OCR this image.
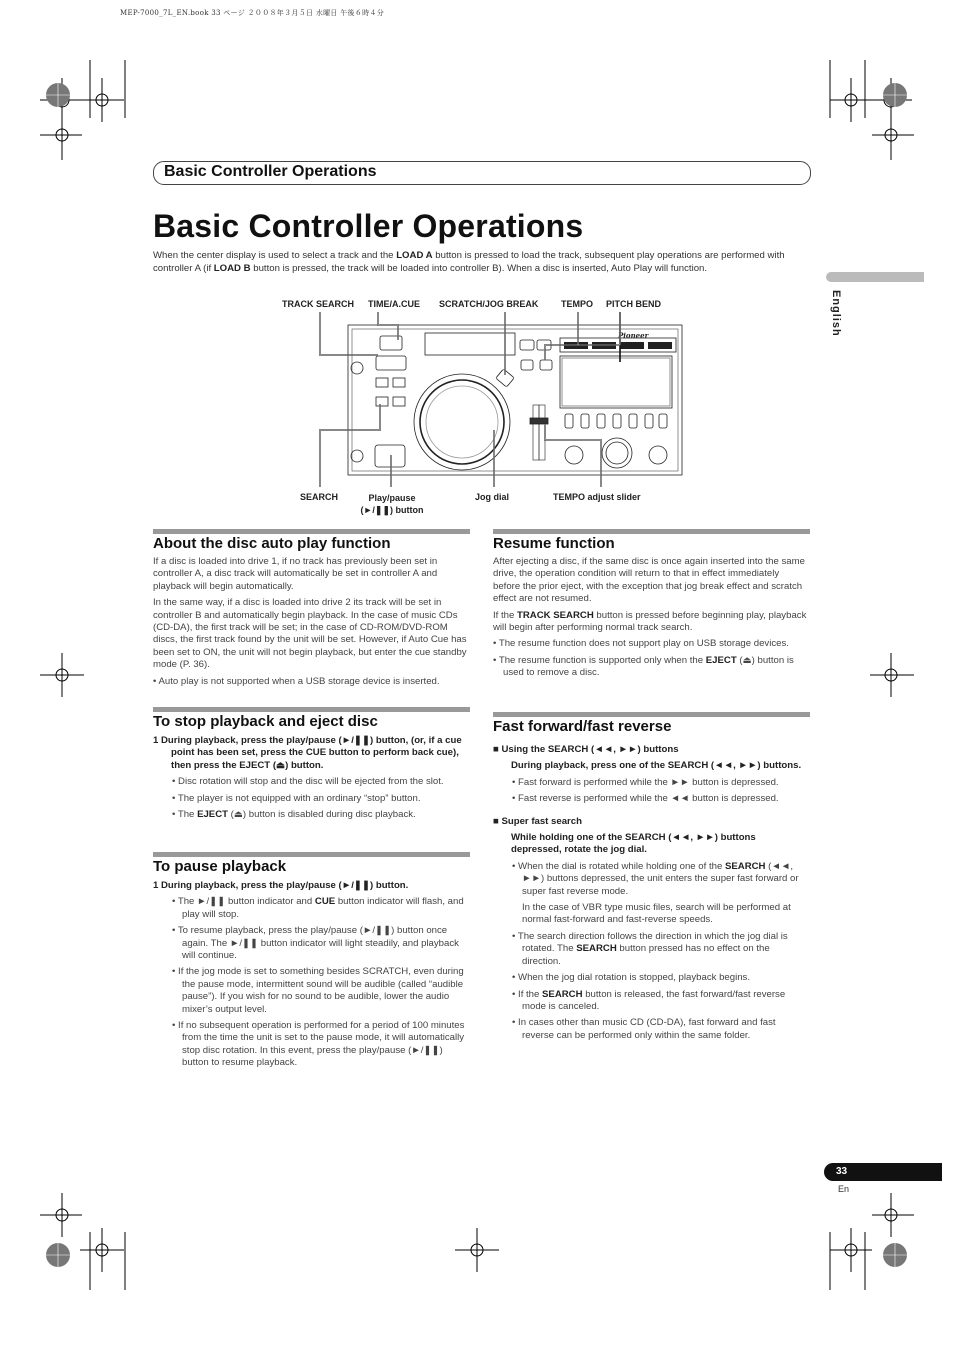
MEP-7000_7L_EN.book 33 ページ ２００８年３月５日 水曜日 午後６時４分
Basic Controller Operations
Basic Controller Operations
When the center display is used to select a track and the LOAD A button is pressed to load the track, subsequent play operations are performed with controller A (if LOAD B button is pressed, the track will be loaded into controller B). When a disc is inserted, Auto Play will function.
English
TRACK SEARCH TIME/A.CUE SCRATCH/JOG BREAK	TEMPO PITCH BEND
SEARCH	Play/pause
(►/❚❚) button
Jog dial	TEMPO adjust slider
Pioneer
About the disc auto play function

If a disc is loaded into drive 1, if no track has previously been set in controller A, a disc track will automatically be set in controller A and playback will begin automatically.

In the same way, if a disc is loaded into drive 2 its track will be set in controller B and automatically begin playback. In the case of music CDs (CD-DA), the first track will be set; in the case of CD-ROM/DVD-ROM discs, the first track found by the unit will be set. However, if Auto Cue has been set to ON, the unit will not begin playback, but enter the cue standby mode (P. 36).

• Auto play is not supported when a USB storage device is inserted.

To stop playback and eject disc

1 During playback, press the play/pause (►/❚❚) button, (or, if a cue point has been set, press the CUE button to perform back cue), then press the EJECT (⏏) button.

• Disc rotation will stop and the disc will be ejected from the slot.

• The player is not equipped with an ordinary “stop” button.

• The EJECT (⏏) button is disabled during disc playback.

To pause playback

1 During playback, press the play/pause (►/❚❚) button.

• The ►/❚❚ button indicator and CUE button indicator will flash, and play will stop.

• To resume playback, press the play/pause (►/❚❚) button once again. The ►/❚❚ button indicator will light steadily, and playback will continue.

• If the jog mode is set to something besides SCRATCH, even during the pause mode, intermittent sound will be audible (called “audible pause”). If you wish for no sound to be audible, lower the audio mixer’s output level.

• If no subsequent operation is performed for a period of 100 minutes from the time the unit is set to the pause mode, it will automatically stop disc rotation. In this event, press the play/pause (►/❚❚) button to resume playback.

Resume function

After ejecting a disc, if the same disc is once again inserted into the same drive, the operation condition will return to that in effect immediately before the prior eject, with the exception that jog break effect and scratch effect are not resumed.

If the TRACK SEARCH button is pressed before beginning play, playback will begin after performing normal track search.

• The resume function does not support play on USB storage devices.

• The resume function is supported only when the EJECT (⏏) button is used to remove a disc.

Fast forward/fast reverse

■ Using the SEARCH (◄◄, ►►) buttons

During playback, press one of the SEARCH (◄◄, ►►) buttons.

• Fast forward is performed while the ►► button is depressed.

• Fast reverse is performed while the ◄◄ button is depressed.

■ Super fast search

While holding one of the SEARCH (◄◄, ►►) buttons depressed, rotate the jog dial.

• When the dial is rotated while holding one of the SEARCH (◄◄, ►►) buttons depressed, the unit enters the super fast forward or super fast reverse mode.

In the case of VBR type music files, search will be performed at normal fast-forward and fast-reverse speeds.

• The search direction follows the direction in which the jog dial is rotated. The SEARCH button pressed has no effect on the direction.

• When the jog dial rotation is stopped, playback begins.

• If the SEARCH button is released, the fast forward/fast reverse mode is canceled.

• In cases other than music CD (CD-DA), fast forward and fast reverse can be performed only within the same folder.

33
En
